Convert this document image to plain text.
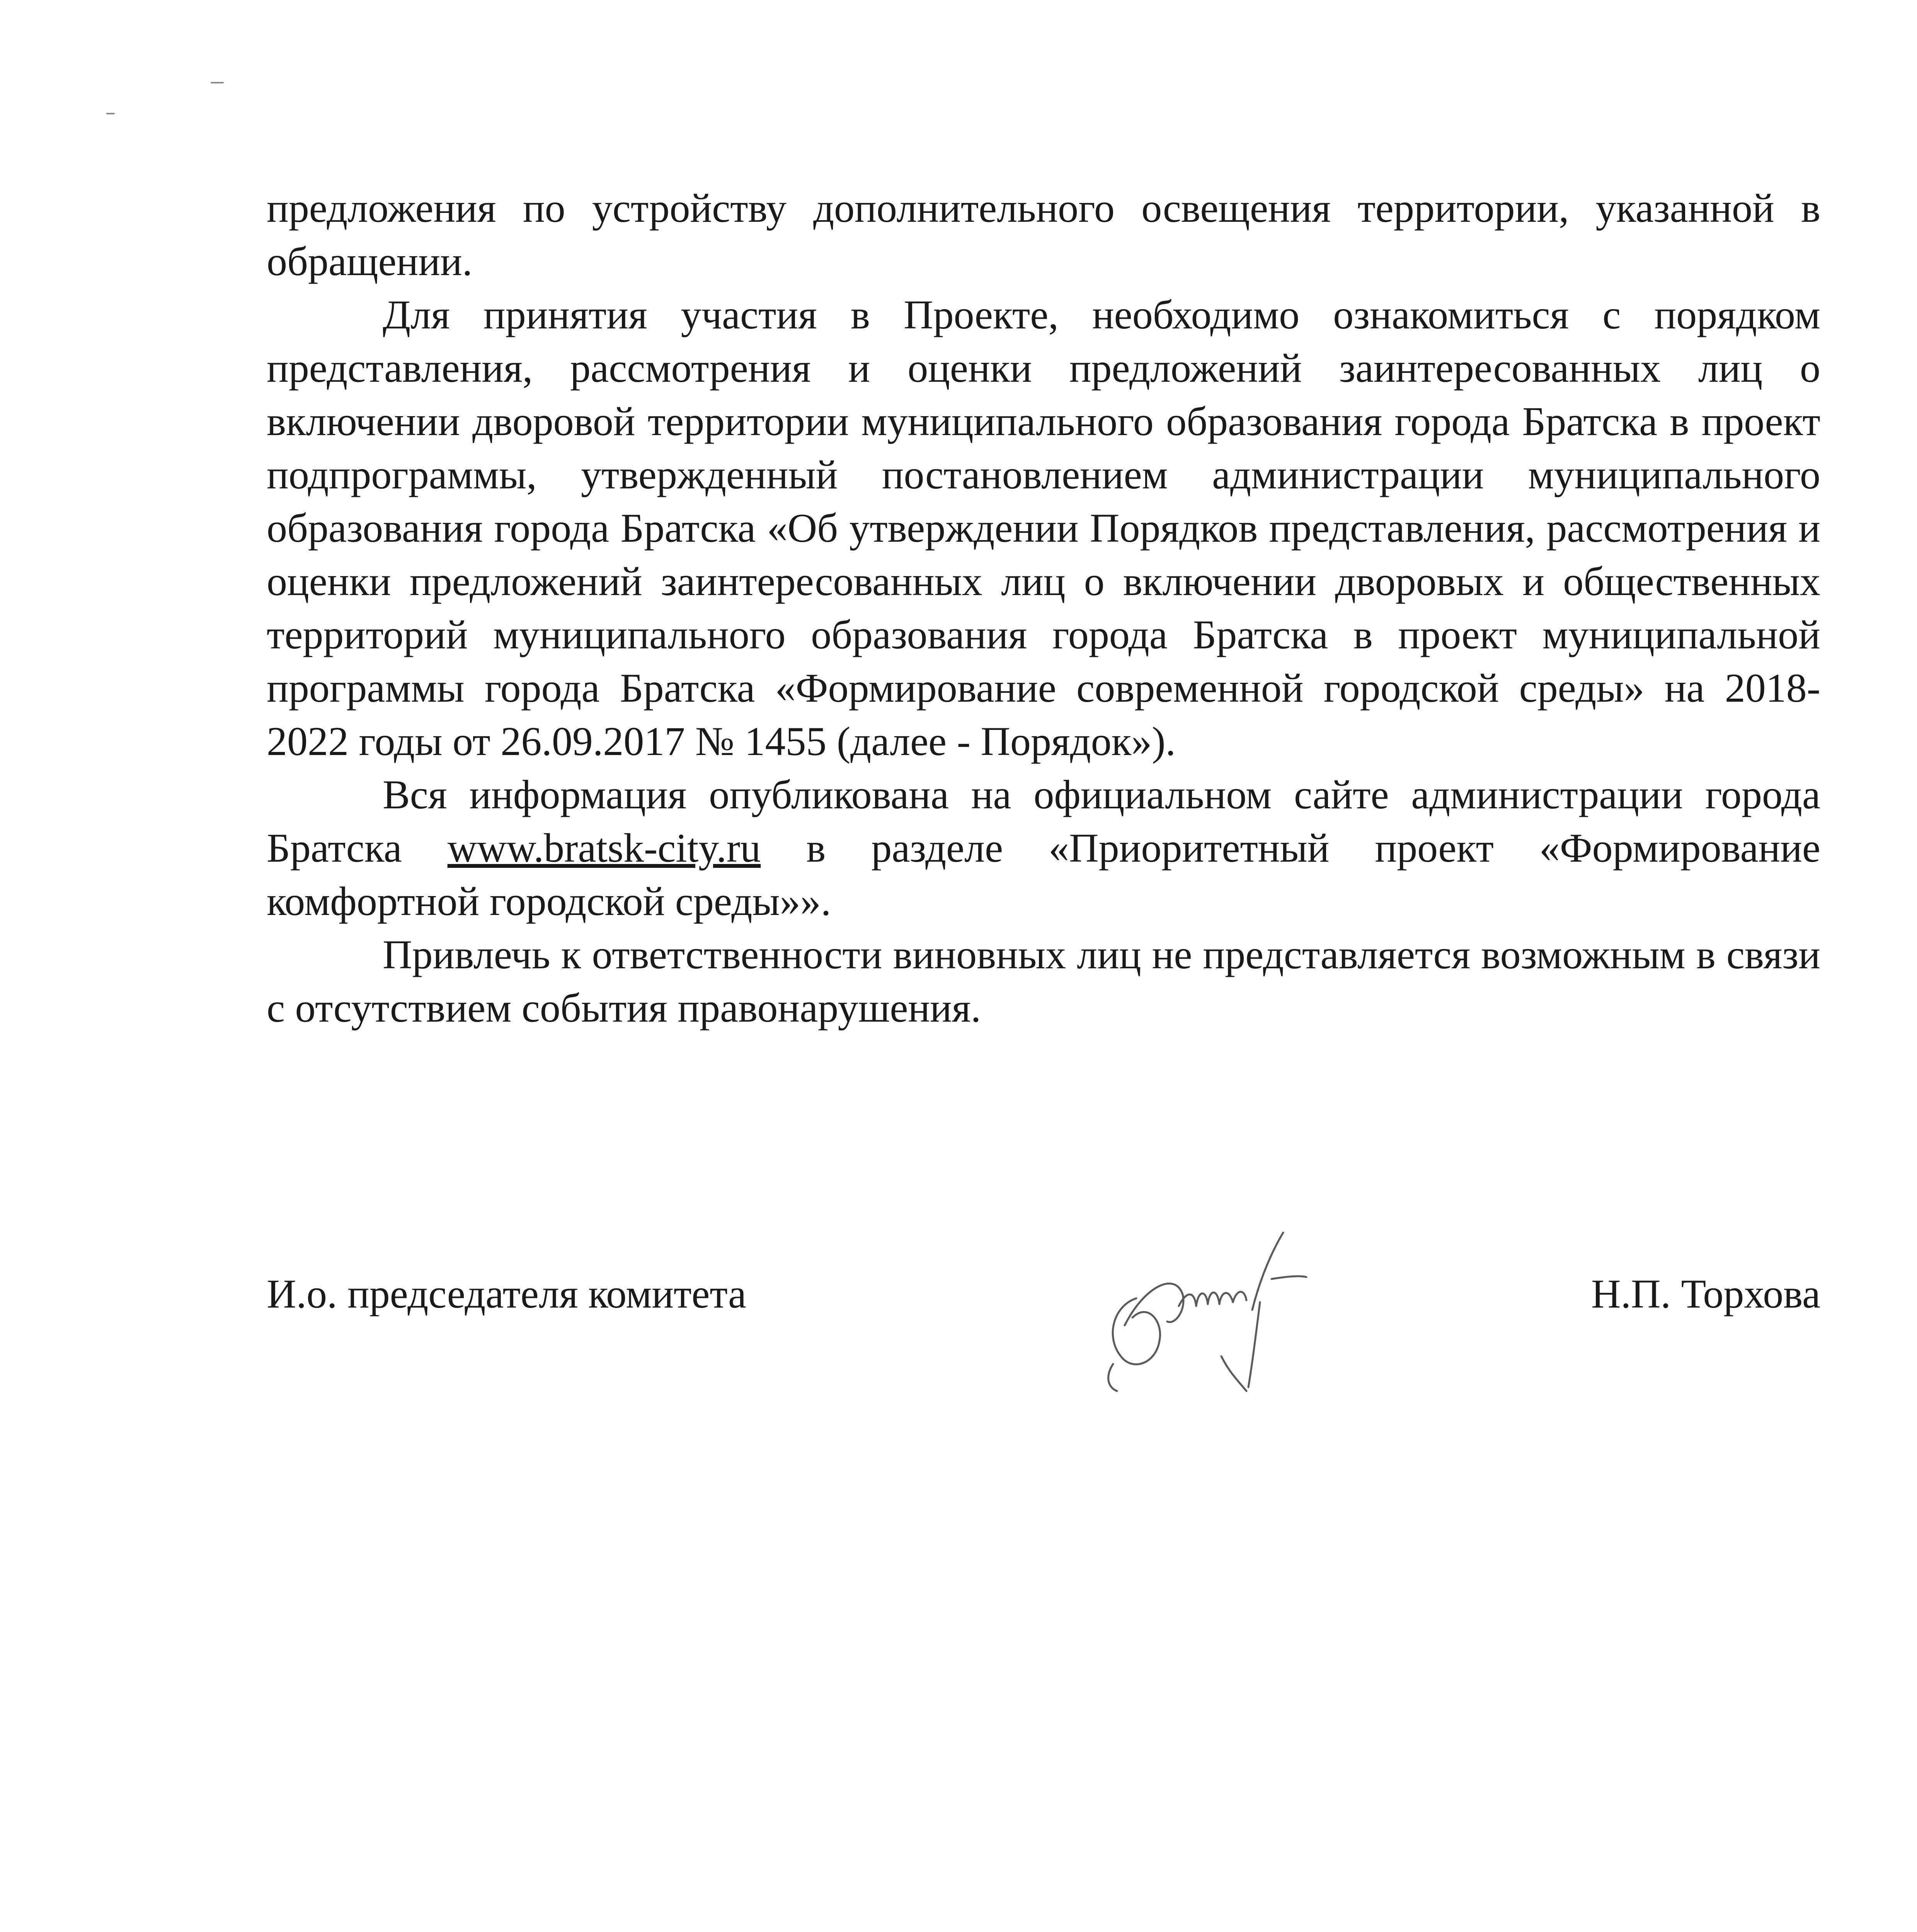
предложения по устройству дополнительного освещения территории, указанной в обращении.

Для принятия участия в Проекте, необходимо ознакомиться с порядком представления, рассмотрения и оценки предложений заинтересованных лиц о включении дворовой территории муниципального образования города Братска в проект подпрограммы, утвержденный постановлением администрации муниципального образования города Братска «Об утверждении Порядков представления, рассмотрения и оценки предложений заинтересованных лиц о включении дворовых и общественных территорий муниципального образования города Братска в проект муниципальной программы города Братска «Формирование современной городской среды» на 2018-2022 годы от 26.09.2017 № 1455 (далее - Порядок»).

Вся информация опубликована на официальном сайте администрации города Братска www.bratsk-city.ru в разделе «Приоритетный проект «Формирование комфортной городской среды»».

Привлечь к ответственности виновных лиц не представляется возможным в связи с отсутствием события правонарушения.

И.о. председателя комитета	Н.П. Торхова
